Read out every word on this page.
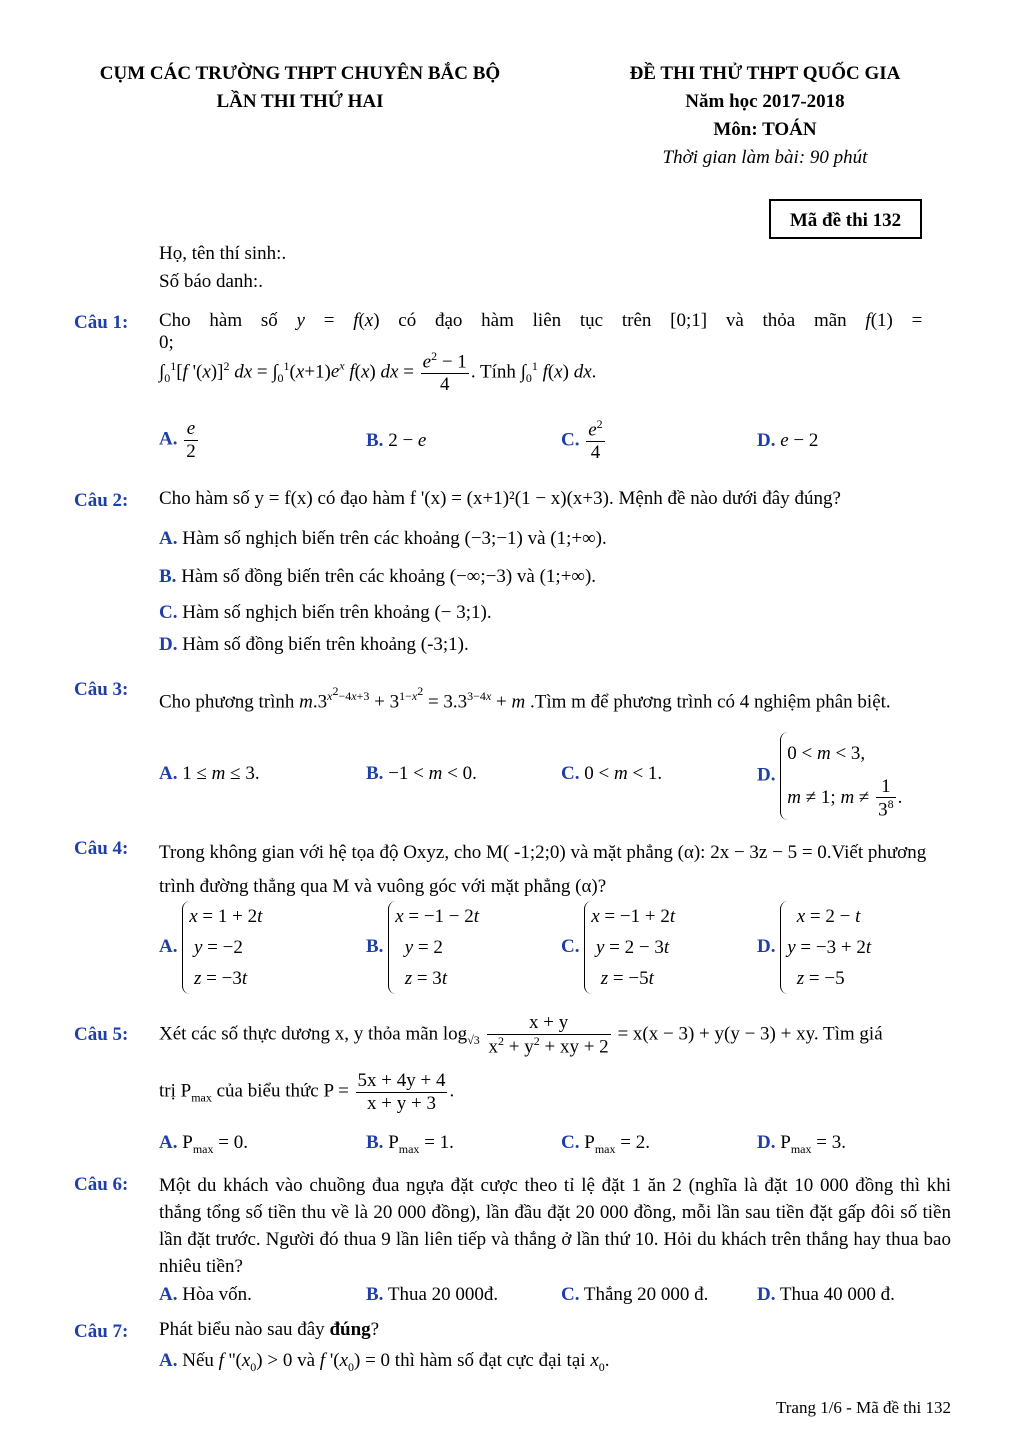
CỤM CÁC TRƯỜNG THPT CHUYÊN BẮC BỘ
LẦN THI THỨ HAI
ĐỀ THI THỬ THPT QUỐC GIA
Năm học 2017-2018
Môn: TOÁN
Thời gian làm bài: 90 phút
Mã đề thi 132
Họ, tên thí sinh:.
Số báo danh:.
Câu 1: Cho hàm số y = f(x) có đạo hàm liên tục trên [0;1] và thỏa mãn f(1) = 0;
$\int_0^1[f$ '(x)]$^2$ dx = $\int_0^1(x+1)e^x$ f(x) dx = $\frac{e^2 - 1}{4}$ . Tính $\int_0^1$ f(x) dx.
A. $\frac{e}{2}$	B. 2 − e	C. $\frac{e^2}{4}$	D. e − 2
Câu 2: Cho hàm số y = f(x) có đạo hàm f '(x) = (x+1)²(1 − x)(x+3). Mệnh đề nào dưới đây đúng?
A. Hàm số nghịch biến trên các khoảng (−3;−1) và (1;+∞).
B. Hàm số đồng biến trên các khoảng (−∞;−3) và (1;+∞).
C. Hàm số nghịch biến trên khoảng (− 3;1).
D. Hàm số đồng biến trên khoảng (-3;1).
Câu 3:
Cho phương trình $m.3^{x^2-4x+3} + 3^{1-x^2} = 3.3^{3-4x} + m$ .Tìm m để phương trình có 4 nghiệm phân biệt.
A. 1 ≤ m ≤ 3.	B. −1 < m < 0.	C. 0 < m < 1.	D.
0 < m < 3,
m ≠ 1; $m \ne \frac{1}{3^8}$ .
Câu 4: Trong không gian với hệ tọa độ Oxyz, cho M( -1;2;0) và mặt phẳng (α): 2x − 3z − 5 = 0.Viết phương trình đường thẳng qua M và vuông góc với mặt phẳng (α)?
A.
x = 1 + 2t
y = −2
z = −3t
B.
x = −1 − 2t
y = 2
z = 3t
C.
x = −1 + 2t
y = 2 − 3t
z = −5t
D.
x = 2 − t
y = −3 + 2t
z = −5
Câu 5: Xét các số thực dương x, y thỏa mãn $\log_{√3} \frac{x + y}{x^2 + y^2 + xy + 2} = x(x - 3) + y(y - 3)$ + xy. Tìm giá
trị $P_{max}$ của biểu thức $P = \frac{5x + 4y + 4}{x + y + 3}$ .
A. $P_{max} = 0$.	B. $P_{max} = 1$.	C. $P_{max} = 2$.	D. $P_{max} = 3$.
Câu 6: Một du khách vào chuồng đua ngựa đặt cược theo tỉ lệ đặt 1 ăn 2 (nghĩa là đặt 10 000 đồng thì khi thắng tổng số tiền thu về là 20 000 đồng), lần đầu đặt 20 000 đồng, mỗi lần sau tiền đặt gấp đôi số tiền lần đặt trước. Người đó thua 9 lần liên tiếp và thắng ở lần thứ 10. Hỏi du khách trên thắng hay thua bao nhiêu tiền?
A. Hòa vốn.	B. Thua 20 000đ.	C. Thắng 20 000 đ.	D. Thua 40 000 đ.
Câu 7: Phát biểu nào sau đây đúng?
A. Nếu f ''$(x_0) > 0$ và f '$(x_0) = 0$ thì hàm số đạt cực đại tại $x_0$.
Trang 1/6 - Mã đề thi 132
